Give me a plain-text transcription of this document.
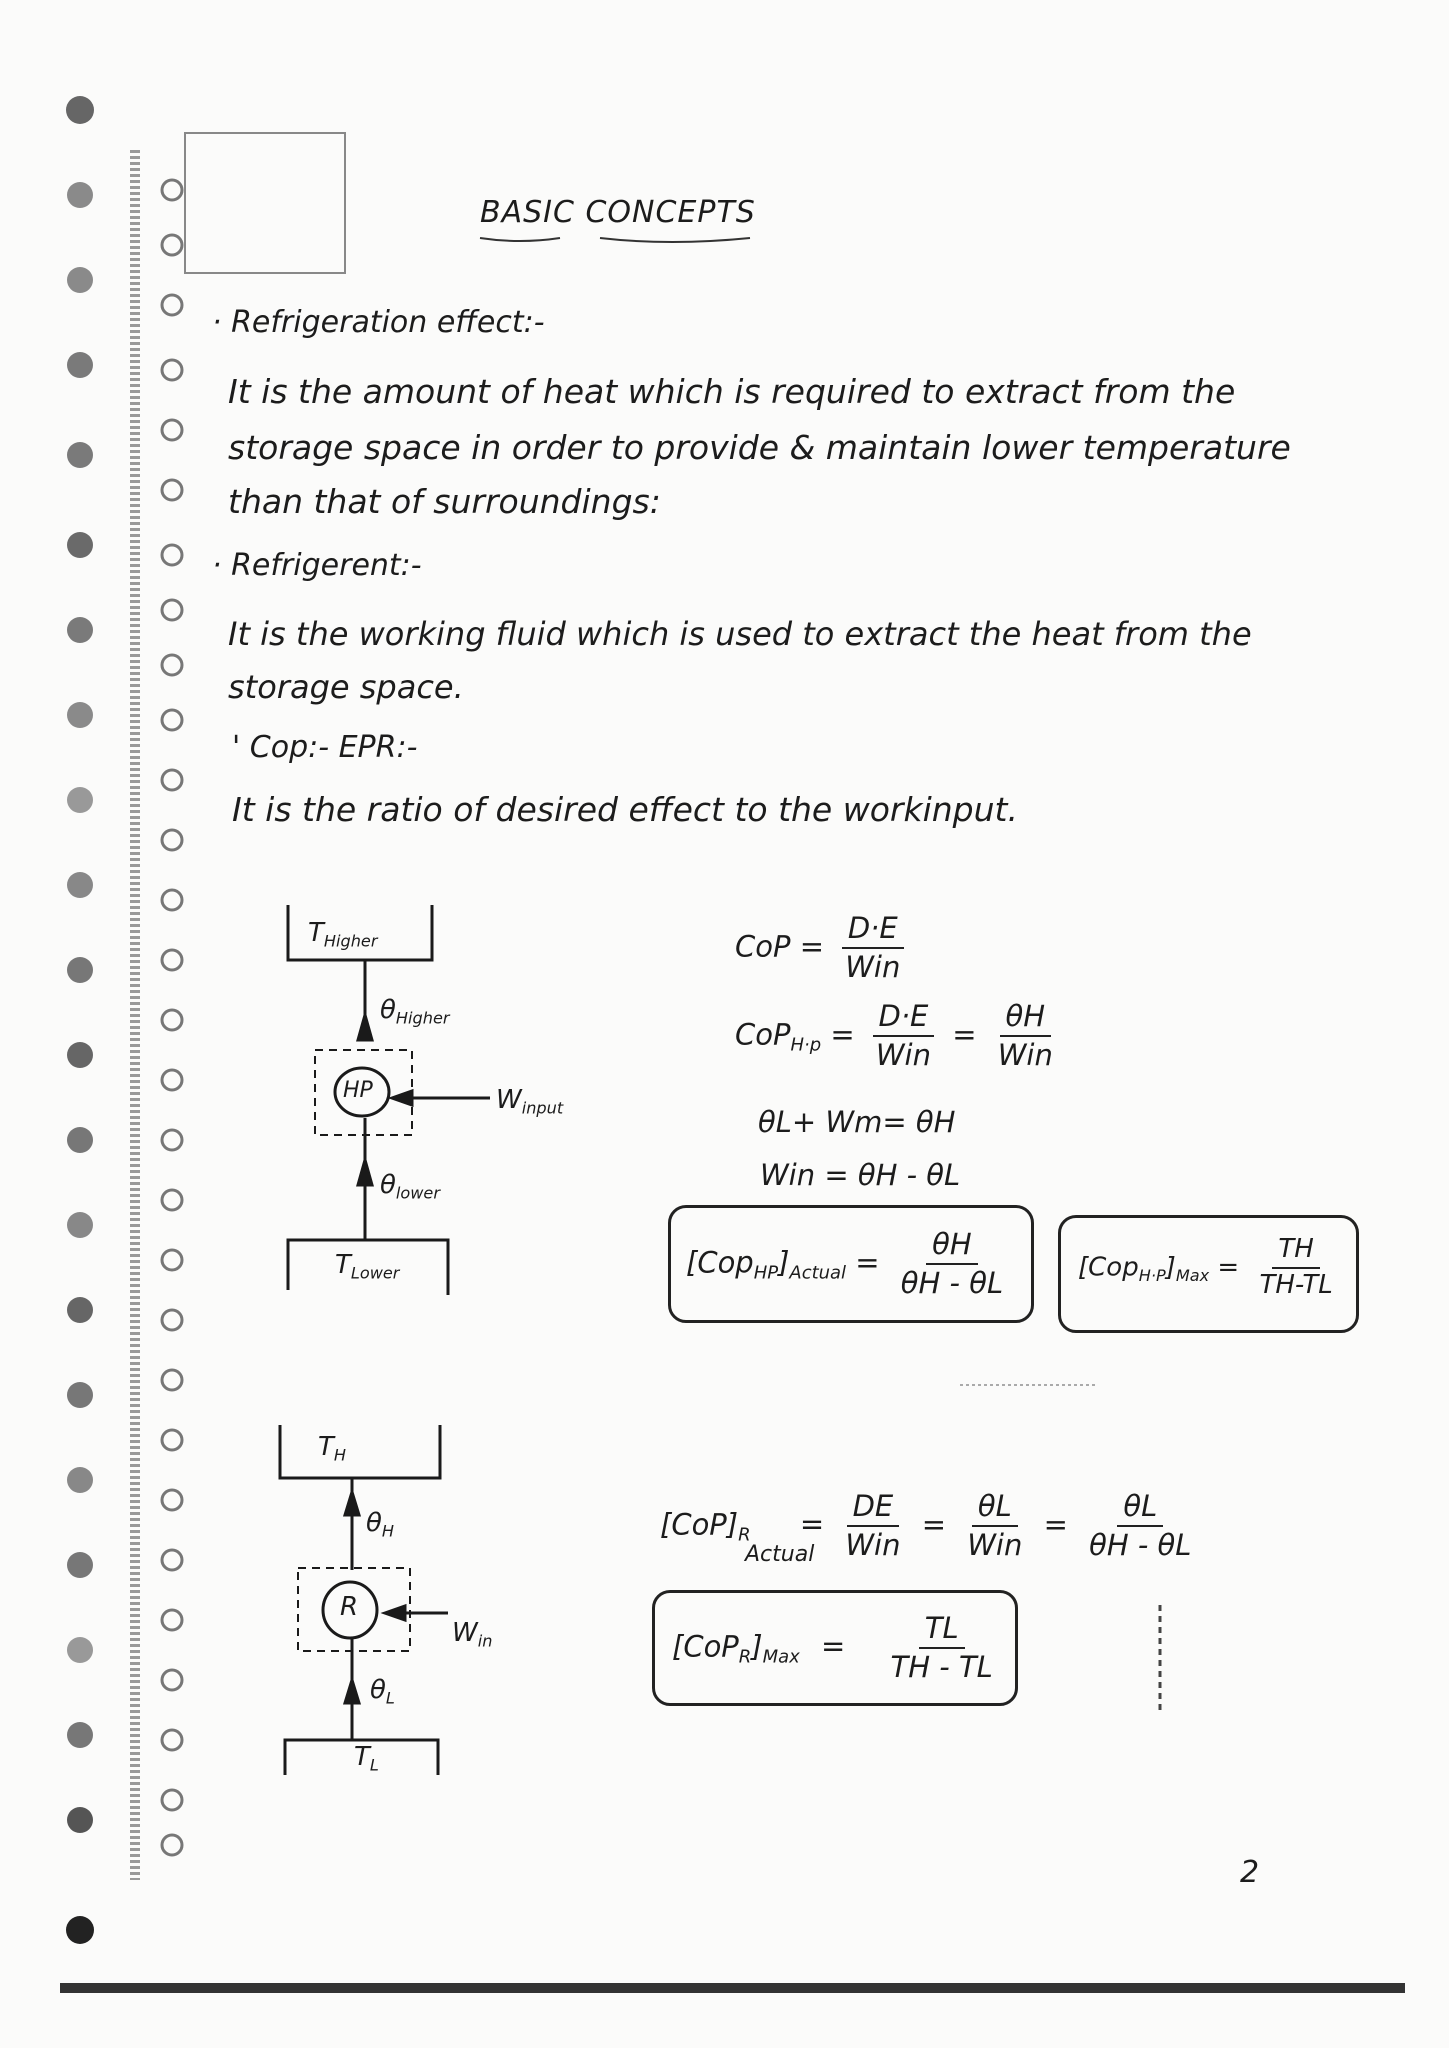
BASIC CONCEPTS
· Refrigeration effect:-
It is the amount of heat which is required to extract from the
storage space in order to provide & maintain lower temperature
than that of surroundings:
· Refrigerent:-
It is the working fluid which is used to extract the heat from the
storage space.
' Cop:- EPR:-
It is the ratio of desired effect to the workinput.
$T_{Higher}$
$\theta_{Higher}$
HP	$W_{input}$
$\theta_{lower}$
$T_{Lower}$
CoP = $\frac{D\cdot E}{\text{Win}}$
$CoP_{H\cdot p} = \frac{D\cdot E}{\text{Win}} = \frac{\theta H}{\text{Win}}$
θL+ Wm= θH
Win = θH - θL
$[Cop_{HP}]_{Actual} = \frac{\theta H}{\theta H - \theta L}$	$[Cop_{H\cdot P}]_{Max} = \frac{TH}{TH-TL}$
$T_H$
$\theta_H$
R
$W_{in}$
$\theta_L$
$T_L$
$[CoP]_R$
Actual
= $\frac{DE}{\text{Win}} = \frac{\theta L}{\text{Win}} = \frac{\theta L}{\theta H - \theta L}$
$[CoP_R]_{Max} = \frac{TL}{TH - TL}$
2
